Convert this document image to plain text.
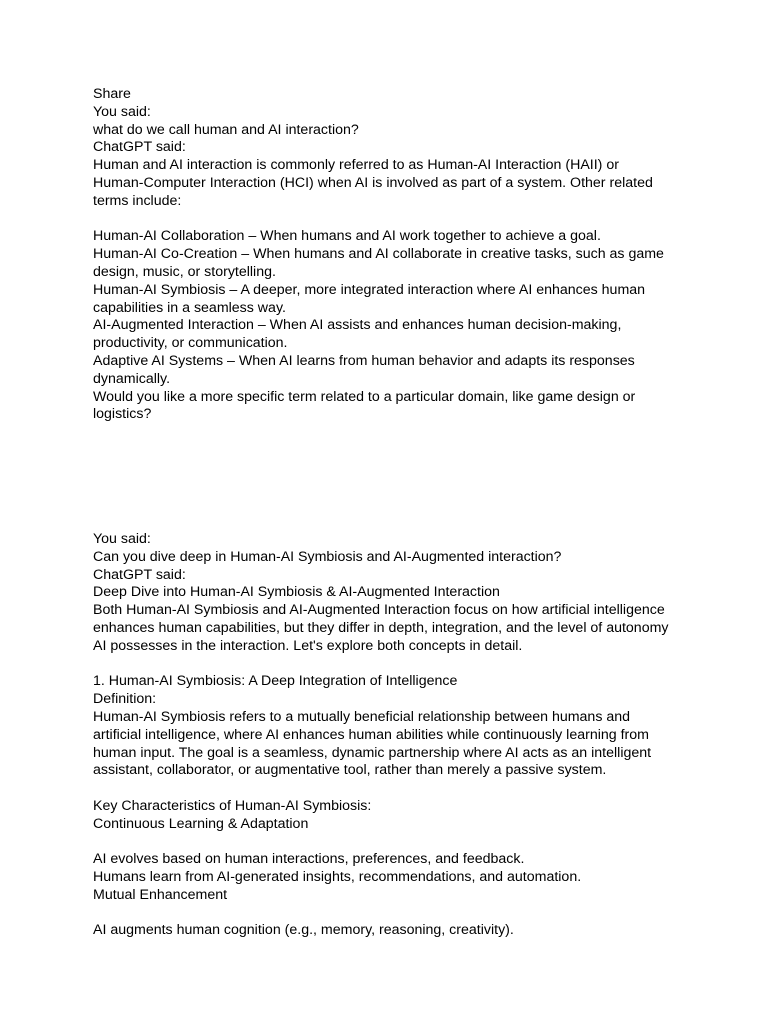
Share

You said:

what do we call human and AI interaction?

ChatGPT said:

Human and AI interaction is commonly referred to as Human-AI Interaction (HAII) or

Human-Computer Interaction (HCI) when AI is involved as part of a system. Other related

terms include:

Human-AI Collaboration – When humans and AI work together to achieve a goal.

Human-AI Co-Creation – When humans and AI collaborate in creative tasks, such as game

design, music, or storytelling.

Human-AI Symbiosis – A deeper, more integrated interaction where AI enhances human

capabilities in a seamless way.

AI-Augmented Interaction – When AI assists and enhances human decision-making,

productivity, or communication.

Adaptive AI Systems – When AI learns from human behavior and adapts its responses

dynamically.

Would you like a more specific term related to a particular domain, like game design or

logistics?

You said:

Can you dive deep in Human-AI Symbiosis and AI-Augmented interaction?

ChatGPT said:

Deep Dive into Human-AI Symbiosis & AI-Augmented Interaction

Both Human-AI Symbiosis and AI-Augmented Interaction focus on how artificial intelligence

enhances human capabilities, but they differ in depth, integration, and the level of autonomy

AI possesses in the interaction. Let's explore both concepts in detail.

1. Human-AI Symbiosis: A Deep Integration of Intelligence

Definition:

Human-AI Symbiosis refers to a mutually beneficial relationship between humans and

artificial intelligence, where AI enhances human abilities while continuously learning from

human input. The goal is a seamless, dynamic partnership where AI acts as an intelligent

assistant, collaborator, or augmentative tool, rather than merely a passive system.

Key Characteristics of Human-AI Symbiosis:

Continuous Learning & Adaptation

AI evolves based on human interactions, preferences, and feedback.

Humans learn from AI-generated insights, recommendations, and automation.

Mutual Enhancement

AI augments human cognition (e.g., memory, reasoning, creativity).
